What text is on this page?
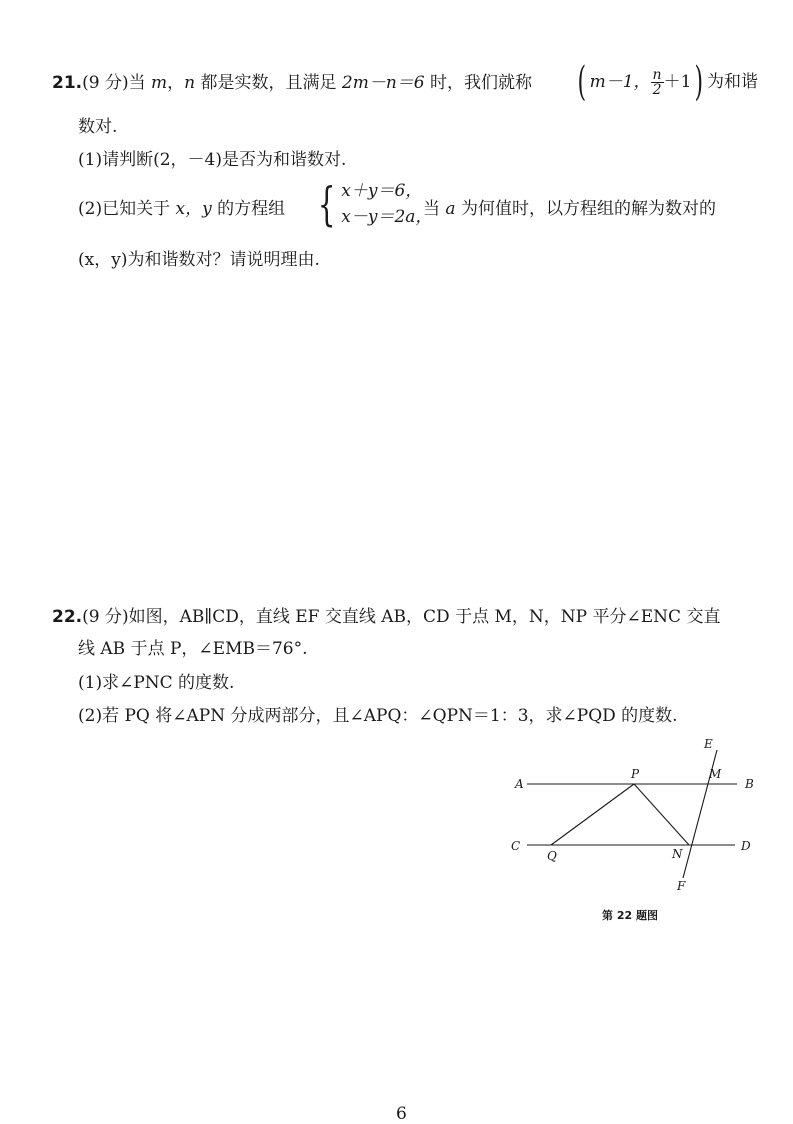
21.(9 分)当 m，n 都是实数，且满足 2m－n＝6 时，我们就称 ( m－1， $\frac{n}{2} +1$ ) 为和谐
数对.
(1)请判断(2，－4)是否为和谐数对.
(2)已知关于 x，y 的方程组 { x＋y＝6，
x－y＝2a，
当 a 为何值时，以方程组的解为数对的
(x，y)为和谐数对？请说明理由.
22.(9 分)如图，AB∥CD，直线 EF 交直线 AB，CD 于点 M，N，NP 平分∠ENC 交直
线 AB 于点 P，∠EMB＝76°.
(1)求∠PNC 的度数.
(2)若 PQ 将∠APN 分成两部分，且∠APQ：∠QPN＝1：3，求∠PQD 的度数.
A	B
C	D
E
F
M
N
P
Q
第 22 题图
6
